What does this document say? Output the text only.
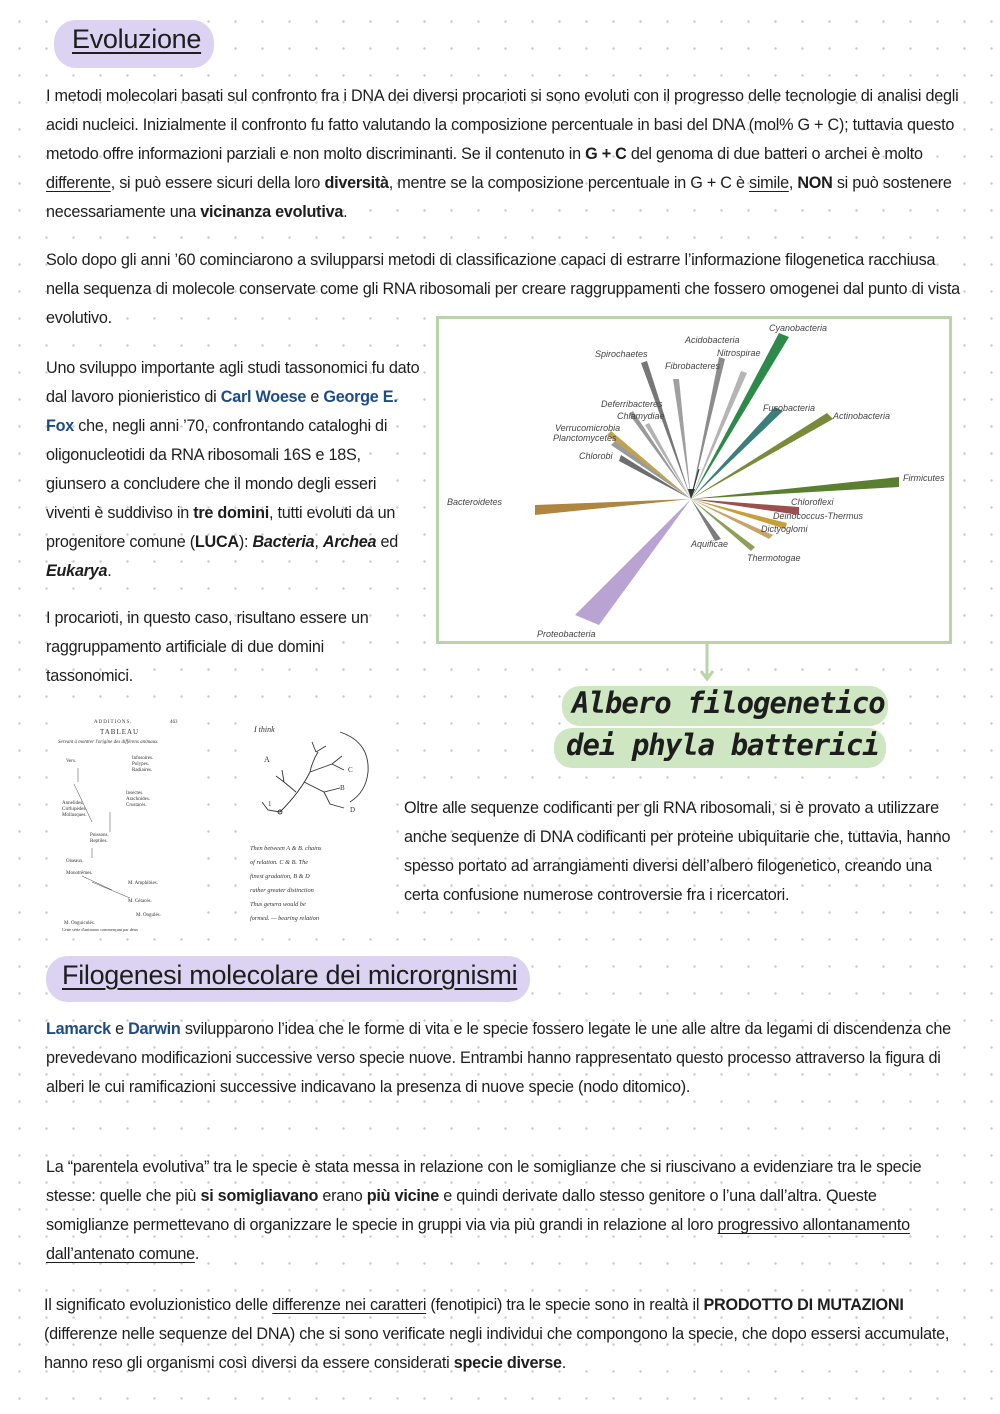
Evoluzione

I metodi molecolari basati sul confronto fra i DNA dei diversi procarioti si sono evoluti con il progresso delle tecnologie di analisi degli acidi nucleici. Inizialmente il confronto fu fatto valutando la composizione percentuale in basi del DNA (mol% G + C); tuttavia questo metodo offre informazioni parziali e non molto discriminanti. Se il contenuto in G + C del genoma di due batteri o archei è molto differente, si può essere sicuri della loro diversità, mentre se la composizione percentuale in G + C è simile, NON si può sostenere necessariamente una vicinanza evolutiva.

Solo dopo gli anni ’60 cominciarono a svilupparsi metodi di classificazione capaci di estrarre l’informazione filogenetica racchiusa nella sequenza di molecole conservate come gli RNA ribosomali per creare raggruppamenti che fossero omogenei dal punto di vista evolutivo.

Uno sviluppo importante agli studi tassonomici fu dato dal lavoro pionieristico di Carl Woese e George E. Fox che, negli anni ’70, confrontando cataloghi di oligonucleotidi da RNA ribosomali 16S e 18S, giunsero a concludere che il mondo degli esseri viventi è suddiviso in tre domini, tutti evoluti da un progenitore comune (LUCA): Bacteria, Archea ed Eukarya.

I procarioti, in questo caso, risultano essere un raggruppamento artificiale di due domini tassonomici.

Cyanobacteria
Acidobacteria
Nitrospirae
Spirochaetes
Fibrobacteres
Deferribacteres
Chlamydiae
Verrucomicrobia
Planctomycetes
Chlorobi
Fusobacteria
Actinobacteria
Firmicutes
Bacteroidetes	Chloroflexi
Deinococcus-Thermus
Dictyoglomi
Aquificae
Thermotogae
Proteobacteria

Albero filogenetico

dei phyla batterici

ADDITIONS.	463
TABLEAU
Servant à montrer l'origine des différens animaux.
Vers.
Infusoires.
Polypes.
Radiaires.
Insectes.
Arachnides.
Crustacés.
Annelides.
Cirrhipèdes.
Mollusques.
Poissons.
Reptiles.
Oiseaux.
Monotrêmes.
M. Amphibies.
M. Cétacés.
M. Ongulés.
M. Onguiculés.
Cette série d'animaux commençant par deux
I think
A
1
D
B
C
Then between A & B. chains
of relation. C & B. The
finest gradation, B & D
rather greater distinction
Thus genera would be
formed. — bearing relation

Oltre alle sequenze codificanti per gli RNA ribosomali, si è provato a utilizzare anche sequenze di DNA codificanti per proteine ubiquitarie che, tuttavia, hanno spesso portato ad arrangiamenti diversi dell’albero filogenetico, creando una certa confusione numerose controversie fra i ricercatori.

Filogenesi molecolare dei microrgnismi

Lamarck e Darwin svilupparono l’idea che le forme di vita e le specie fossero legate le une alle altre da legami di discendenza che prevedevano modificazioni successive verso specie nuove. Entrambi hanno rappresentato questo processo attraverso la figura di alberi le cui ramificazioni successive indicavano la presenza di nuove specie (nodo ditomico).

La “parentela evolutiva” tra le specie è stata messa in relazione con le somiglianze che si riuscivano a evidenziare tra le specie stesse: quelle che più si somigliavano erano più vicine e quindi derivate dallo stesso genitore o l’una dall’altra. Queste somiglianze permettevano di organizzare le specie in gruppi via via più grandi in relazione al loro progressivo allontanamento dall’antenato comune.

Il significato evoluzionistico delle differenze nei caratteri (fenotipici) tra le specie sono in realtà il PRODOTTO DI MUTAZIONI (differenze nelle sequenze del DNA) che si sono verificate negli individui che compongono la specie, che dopo essersi accumulate, hanno reso gli organismi così diversi da essere considerati specie diverse.
